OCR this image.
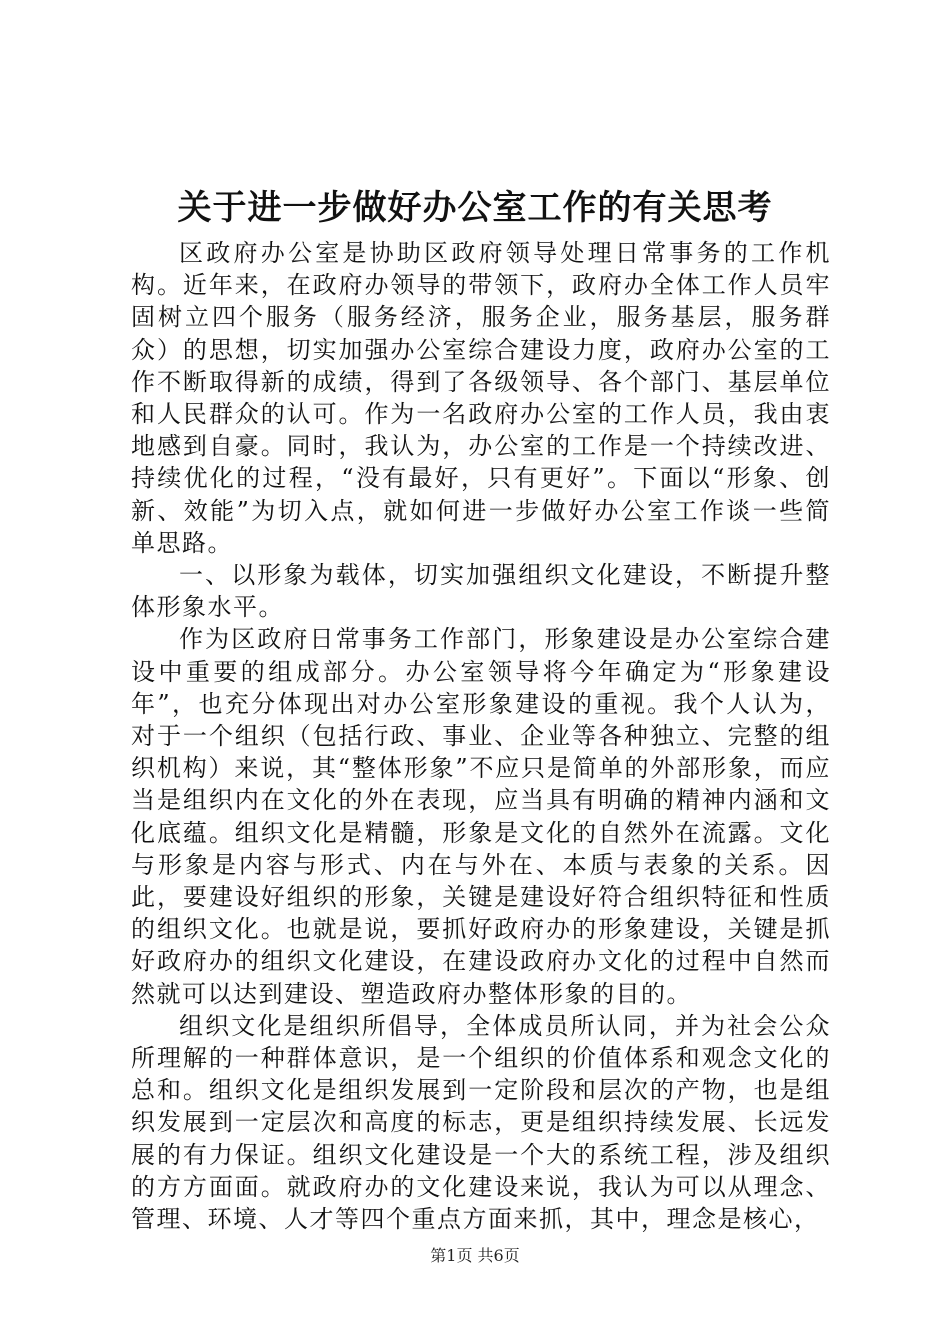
关于进一步做好办公室工作的有关思考

区政府办公室是协助区政府领导处理日常事务的工作机构。近年来，在政府办领导的带领下，政府办全体工作人员牢固树立四个服务（服务经济，服务企业，服务基层，服务群众）的思想，切实加强办公室综合建设力度，政府办公室的工作不断取得新的成绩，得到了各级领导、各个部门、基层单位和人民群众的认可。作为一名政府办公室的工作人员，我由衷地感到自豪。同时，我认为，办公室的工作是一个持续改进、持续优化的过程，“没有最好，只有更好”。下面以“形象、创新、效能”为切入点，就如何进一步做好办公室工作谈一些简单思路。

一、以形象为载体，切实加强组织文化建设，不断提升整体形象水平。

作为区政府日常事务工作部门，形象建设是办公室综合建设中重要的组成部分。办公室领导将今年确定为“形象建设年”，也充分体现出对办公室形象建设的重视。我个人认为，对于一个组织（包括行政、事业、企业等各种独立、完整的组织机构）来说，其“整体形象”不应只是简单的外部形象，而应当是组织内在文化的外在表现，应当具有明确的精神内涵和文化底蕴。组织文化是精髓，形象是文化的自然外在流露。文化与形象是内容与形式、内在与外在、本质与表象的关系。因此，要建设好组织的形象，关键是建设好符合组织特征和性质的组织文化。也就是说，要抓好政府办的形象建设，关键是抓好政府办的组织文化建设，在建设政府办文化的过程中自然而然就可以达到建设、塑造政府办整体形象的目的。

组织文化是组织所倡导，全体成员所认同，并为社会公众所理解的一种群体意识，是一个组织的价值体系和观念文化的总和。组织文化是组织发展到一定阶段和层次的产物，也是组织发展到一定层次和高度的标志，更是组织持续发展、长远发展的有力保证。组织文化建设是一个大的系统工程，涉及组织的方方面面。就政府办的文化建设来说，我认为可以从理念、管理、环境、人才等四个重点方面来抓，其中，理念是核心，

第1页 共6页
